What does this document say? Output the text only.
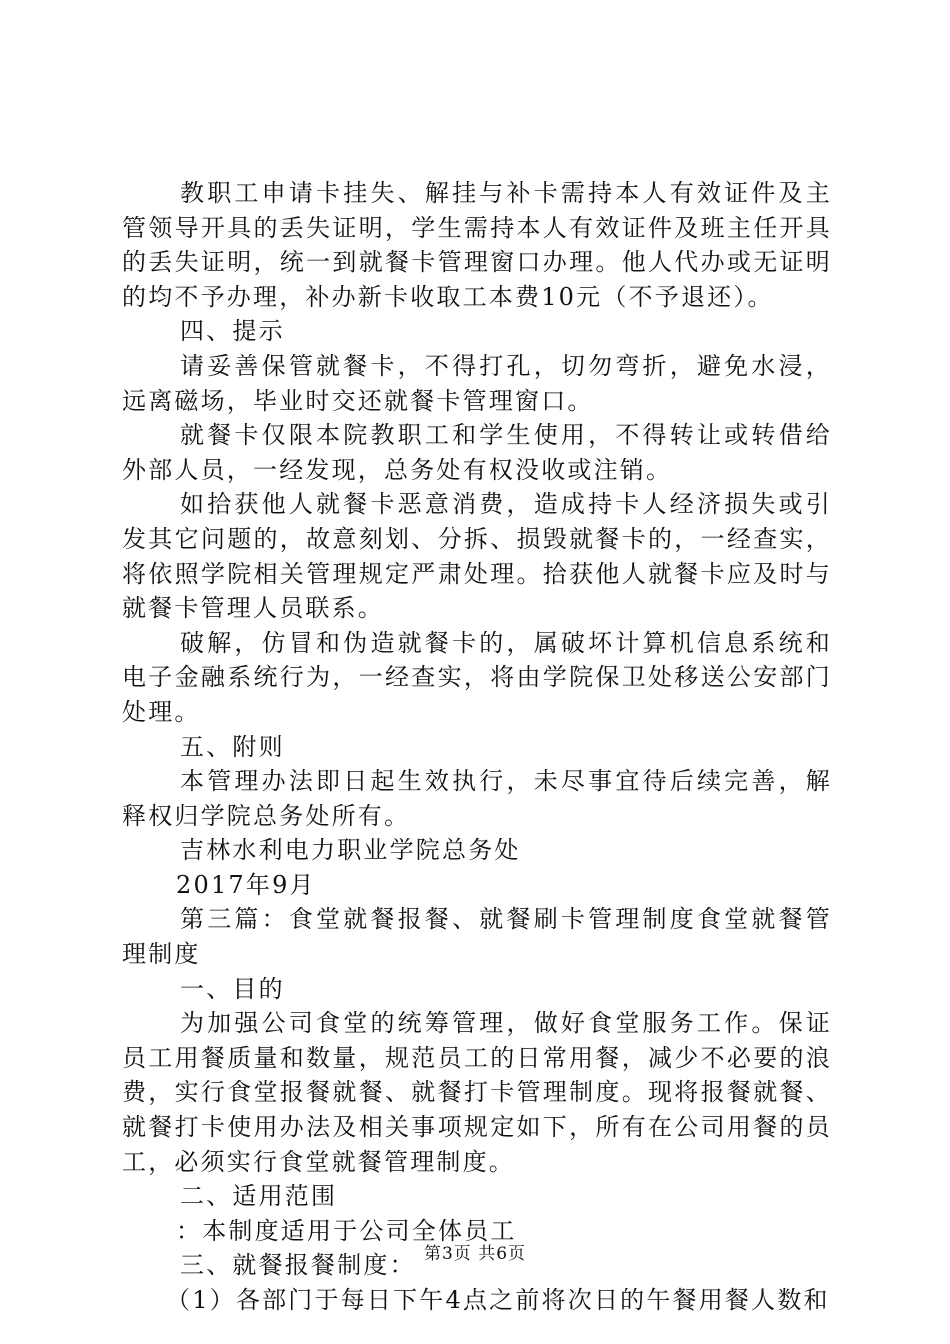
教职工申请卡挂失、解挂与补卡需持本人有效证件及主管领导开具的丢失证明，学生需持本人有效证件及班主任开具的丢失证明，统一到就餐卡管理窗口办理。他人代办或无证明的均不予办理，补办新卡收取工本费10元（不予退还）。

四、提示

请妥善保管就餐卡，不得打孔，切勿弯折，避免水浸，远离磁场，毕业时交还就餐卡管理窗口。

就餐卡仅限本院教职工和学生使用，不得转让或转借给外部人员，一经发现，总务处有权没收或注销。

如拾获他人就餐卡恶意消费，造成持卡人经济损失或引发其它问题的，故意刻划、分拆、损毁就餐卡的，一经查实，将依照学院相关管理规定严肃处理。拾获他人就餐卡应及时与就餐卡管理人员联系。

破解，仿冒和伪造就餐卡的，属破坏计算机信息系统和电子金融系统行为，一经查实，将由学院保卫处移送公安部门处理。

五、附则

本管理办法即日起生效执行，未尽事宜待后续完善，解释权归学院总务处所有。

吉林水利电力职业学院总务处

2017年9月

第三篇：食堂就餐报餐、就餐刷卡管理制度食堂就餐管理制度

一、目的

为加强公司食堂的统筹管理，做好食堂服务工作。保证员工用餐质量和数量，规范员工的日常用餐，减少不必要的浪费，实行食堂报餐就餐、就餐打卡管理制度。现将报餐就餐、就餐打卡使用办法及相关事项规定如下，所有在公司用餐的员工，必须实行食堂就餐管理制度。

二、适用范围

：本制度适用于公司全体员工

三、就餐报餐制度：

（1）各部门于每日下午4点之前将次日的午餐用餐人数和

第3页 共6页
